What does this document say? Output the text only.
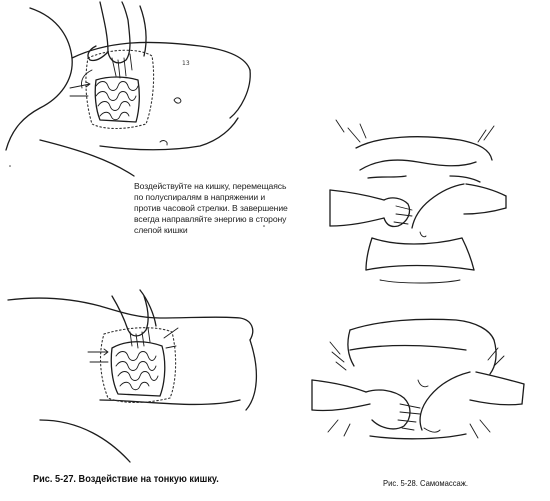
13
Воздействуйте на кишку, перемещаясь
по полуспиралям в напряжении и
против часовой стрелки. В завершение
всегда направляйте энергию в сторону
слепой кишки
Рис. 5-27. Воздействие на тонкую кишку.	Рис. 5-28. Самомассаж.
